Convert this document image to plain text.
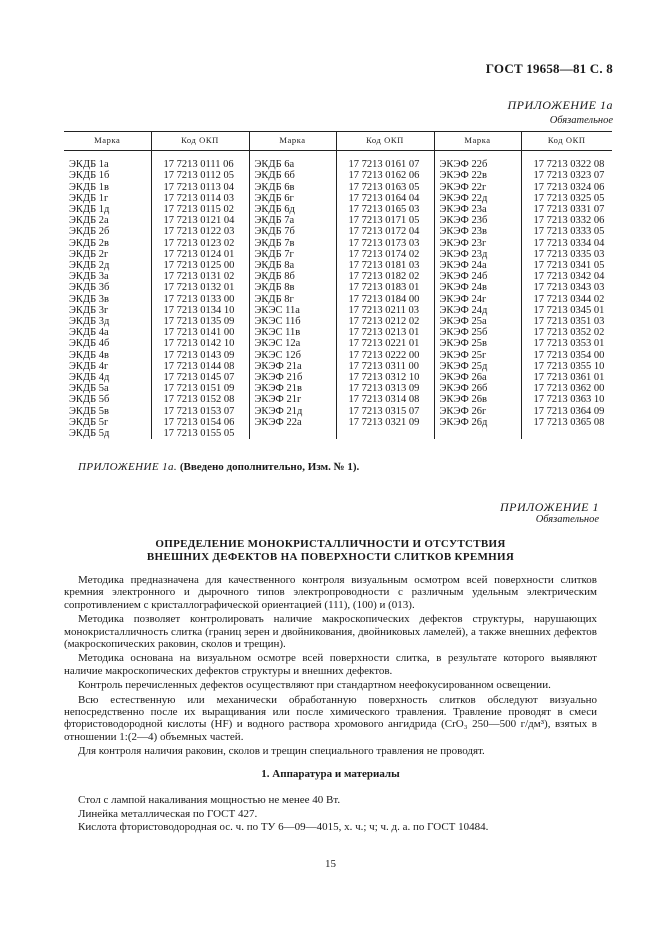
ГОСТ 19658—81 С. 8
ПРИЛОЖЕНИЕ 1а
Обязательное
Марка	Код ОКП	Марка	Код ОКП	Марка	Код ОКП
ЭКДБ 1а	17 7213 0111 06	ЭКДБ 6а	17 7213 0161 07	ЭКЭФ 22б	17 7213 0322 08
ЭКДБ 1б	17 7213 0112 05	ЭКДБ 6б	17 7213 0162 06	ЭКЭФ 22в	17 7213 0323 07
ЭКДБ 1в	17 7213 0113 04	ЭКДБ 6в	17 7213 0163 05	ЭКЭФ 22г	17 7213 0324 06
ЭКДБ 1г	17 7213 0114 03	ЭКДБ 6г	17 7213 0164 04	ЭКЭФ 22д	17 7213 0325 05
ЭКДБ 1д	17 7213 0115 02	ЭКДБ 6д	17 7213 0165 03	ЭКЭФ 23а	17 7213 0331 07
ЭКДБ 2а	17 7213 0121 04	ЭКДБ 7а	17 7213 0171 05	ЭКЭФ 23б	17 7213 0332 06
ЭКДБ 2б	17 7213 0122 03	ЭКДБ 7б	17 7213 0172 04	ЭКЭФ 23в	17 7213 0333 05
ЭКДБ 2в	17 7213 0123 02	ЭКДБ 7в	17 7213 0173 03	ЭКЭФ 23г	17 7213 0334 04
ЭКДБ 2г	17 7213 0124 01	ЭКДБ 7г	17 7213 0174 02	ЭКЭФ 23д	17 7213 0335 03
ЭКДБ 2д	17 7213 0125 00	ЭКДБ 8а	17 7213 0181 03	ЭКЭФ 24а	17 7213 0341 05
ЭКДБ 3а	17 7213 0131 02	ЭКДБ 8б	17 7213 0182 02	ЭКЭФ 24б	17 7213 0342 04
ЭКДБ 3б	17 7213 0132 01	ЭКДБ 8в	17 7213 0183 01	ЭКЭФ 24в	17 7213 0343 03
ЭКДБ 3в	17 7213 0133 00	ЭКДБ 8г	17 7213 0184 00	ЭКЭФ 24г	17 7213 0344 02
ЭКДБ 3г	17 7213 0134 10	ЭКЭС 11а	17 7213 0211 03	ЭКЭФ 24д	17 7213 0345 01
ЭКДБ 3д	17 7213 0135 09	ЭКЭС 11б	17 7213 0212 02	ЭКЭФ 25а	17 7213 0351 03
ЭКДБ 4а	17 7213 0141 00	ЭКЭС 11в	17 7213 0213 01	ЭКЭФ 25б	17 7213 0352 02
ЭКДБ 4б	17 7213 0142 10	ЭКЭС 12а	17 7213 0221 01	ЭКЭФ 25в	17 7213 0353 01
ЭКДБ 4в	17 7213 0143 09	ЭКЭС 12б	17 7213 0222 00	ЭКЭФ 25г	17 7213 0354 00
ЭКДБ 4г	17 7213 0144 08	ЭКЭФ 21а	17 7213 0311 00	ЭКЭФ 25д	17 7213 0355 10
ЭКДБ 4д	17 7213 0145 07	ЭКЭФ 21б	17 7213 0312 10	ЭКЭФ 26а	17 7213 0361 01
ЭКДБ 5а	17 7213 0151 09	ЭКЭФ 21в	17 7213 0313 09	ЭКЭФ 26б	17 7213 0362 00
ЭКДБ 5б	17 7213 0152 08	ЭКЭФ 21г	17 7213 0314 08	ЭКЭФ 26в	17 7213 0363 10
ЭКДБ 5в	17 7213 0153 07	ЭКЭФ 21д	17 7213 0315 07	ЭКЭФ 26г	17 7213 0364 09
ЭКДБ 5г	17 7213 0154 06	ЭКЭФ 22а	17 7213 0321 09	ЭКЭФ 26д	17 7213 0365 08
ЭКДБ 5д	17 7213 0155 05				
ПРИЛОЖЕНИЕ 1а. (Введено дополнительно, Изм. № 1).
ПРИЛОЖЕНИЕ 1
Обязательное
ОПРЕДЕЛЕНИЕ МОНОКРИСТАЛЛИЧНОСТИ И ОТСУТСТВИЯ
ВНЕШНИХ ДЕФЕКТОВ НА ПОВЕРХНОСТИ СЛИТКОВ КРЕМНИЯ

Методика предназначена для качественного контроля визуальным осмотром всей поверхности слитков кремния электронного и дырочного типов электропроводности с различным удельным электрическим сопротивлением с кристаллографической ориентацией (111), (100) и (013).

Методика позволяет контролировать наличие макроскопических дефектов структуры, нарушающих монокристалличность слитка (границ зерен и двойникования, двойниковых ламелей), а также внешних дефектов (макроскопических раковин, сколов и трещин).

Методика основана на визуальном осмотре всей поверхности слитка, в результате которого выявляют наличие макроскопических дефектов структуры и внешних дефектов.

Контроль перечисленных дефектов осуществляют при стандартном неефокусированном освещении.

Всю естественную или механически обработанную поверхность слитков обследуют визуально непосредственно после их выращивания или после химического травления. Травление проводят в смеси фтористоводородной кислоты (HF) и водного раствора хромового ангидрида (CrO₃ 250—500 г/дм³), взятых в отношении 1:(2—4) объемных частей.

Для контроля наличия раковин, сколов и трещин специального травления не проводят.

1. Аппаратура и материалы
Стол с лампой накаливания мощностью не менее 40 Вт.
Линейка металлическая по ГОСТ 427.
Кислота фтористоводородная ос. ч. по ТУ 6—09—4015, х. ч.; ч; ч. д. а. по ГОСТ 10484.
15
